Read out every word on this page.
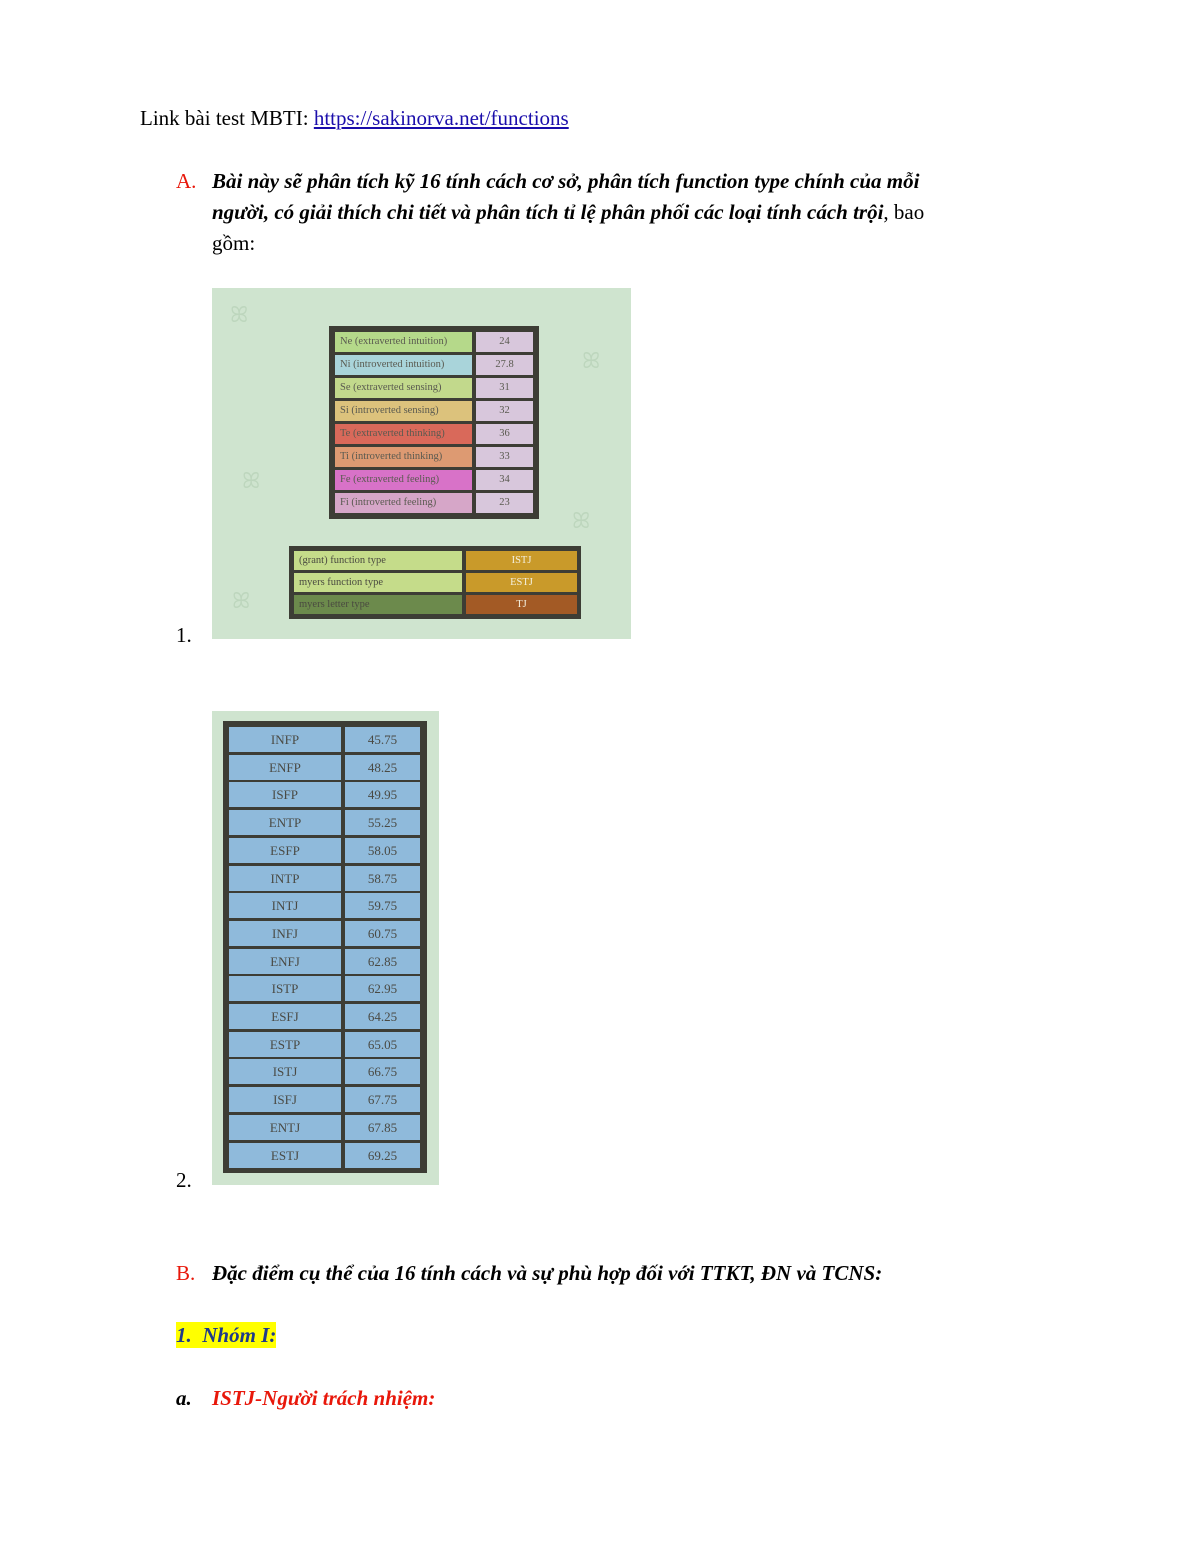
Link bài test MBTI: https://sakinorva.net/functions
A. Bài này sẽ phân tích kỹ 16 tính cách cơ sở, phân tích function type chính của mỗi
người, có giải thích chi tiết và phân tích tỉ lệ phân phối các loại tính cách trội, bao
gồm:
1.
ꕤ
ꕤ
ꕤ
ꕤ
ꕤ
Ne (extraverted intuition)	24
Ni (introverted intuition)	27.8
Se (extraverted sensing)	31
Si (introverted sensing)	32
Te (extraverted thinking)	36
Ti (introverted thinking)	33
Fe (extraverted feeling)	34
Fi (introverted feeling)	23
(grant) function type	ISTJ
myers function type	ESTJ
myers letter type	TJ
2.
INFP	45.75
ENFP	48.25
ISFP	49.95
ENTP	55.25
ESFP	58.05
INTP	58.75
INTJ	59.75
INFJ	60.75
ENFJ	62.85
ISTP	62.95
ESFJ	64.25
ESTP	65.05
ISTJ	66.75
ISFJ	67.75
ENTJ	67.85
ESTJ	69.25
B. Đặc điểm cụ thể của 16 tính cách và sự phù hợp đối với TTKT, ĐN và TCNS:
1. Nhóm I:
a. ISTJ-Người trách nhiệm:
